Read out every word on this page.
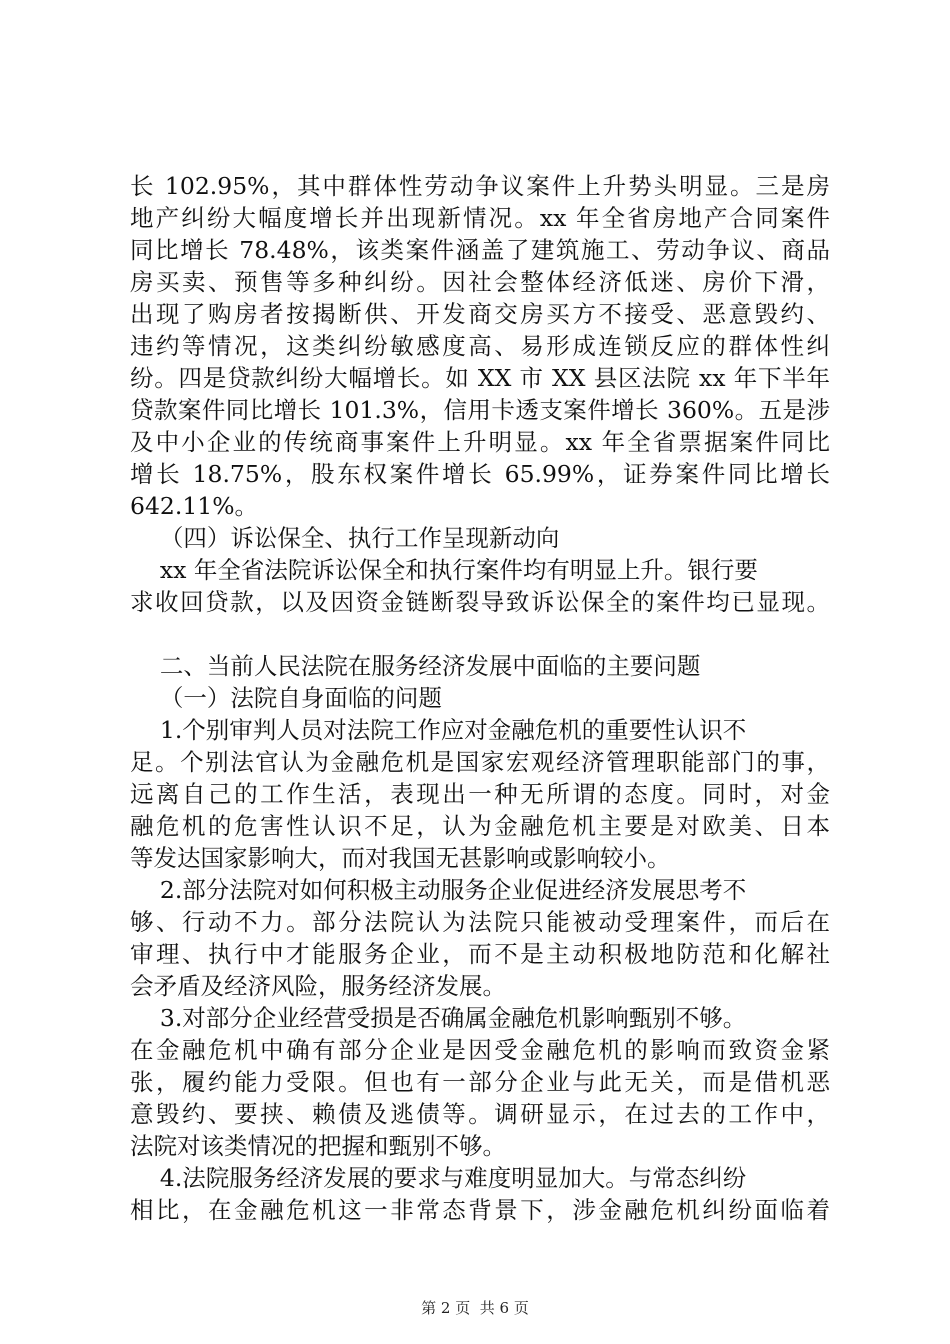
长 102.95%，其中群体性劳动争议案件上升势头明显。三是房
地产纠纷大幅度增长并出现新情况。xx 年全省房地产合同案件
同比增长 78.48%，该类案件涵盖了建筑施工、劳动争议、商品
房买卖、预售等多种纠纷。因社会整体经济低迷、房价下滑，
出现了购房者按揭断供、开发商交房买方不接受、恶意毁约、
违约等情况，这类纠纷敏感度高、易形成连锁反应的群体性纠
纷。四是贷款纠纷大幅增长。如 XX 市 XX 县区法院 xx 年下半年
贷款案件同比增长 101.3%，信用卡透支案件增长 360%。五是涉
及中小企业的传统商事案件上升明显。xx 年全省票据案件同比
增长 18.75%，股东权案件增长 65.99%，证券案件同比增长
642.11%。
（四）诉讼保全、执行工作呈现新动向
xx 年全省法院诉讼保全和执行案件均有明显上升。银行要
求收回贷款，以及因资金链断裂导致诉讼保全的案件均已显现。
二、当前人民法院在服务经济发展中面临的主要问题
（一）法院自身面临的问题
1.个别审判人员对法院工作应对金融危机的重要性认识不
足。个别法官认为金融危机是国家宏观经济管理职能部门的事，
远离自己的工作生活，表现出一种无所谓的态度。同时，对金
融危机的危害性认识不足，认为金融危机主要是对欧美、日本
等发达国家影响大，而对我国无甚影响或影响较小。
2.部分法院对如何积极主动服务企业促进经济发展思考不
够、行动不力。部分法院认为法院只能被动受理案件，而后在
审理、执行中才能服务企业，而不是主动积极地防范和化解社
会矛盾及经济风险，服务经济发展。
3.对部分企业经营受损是否确属金融危机影响甄别不够。
在金融危机中确有部分企业是因受金融危机的影响而致资金紧
张，履约能力受限。但也有一部分企业与此无关，而是借机恶
意毁约、要挟、赖债及逃债等。调研显示，在过去的工作中，
法院对该类情况的把握和甄别不够。
4.法院服务经济发展的要求与难度明显加大。与常态纠纷
相比，在金融危机这一非常态背景下，涉金融危机纠纷面临着
第 2 页  共 6 页
